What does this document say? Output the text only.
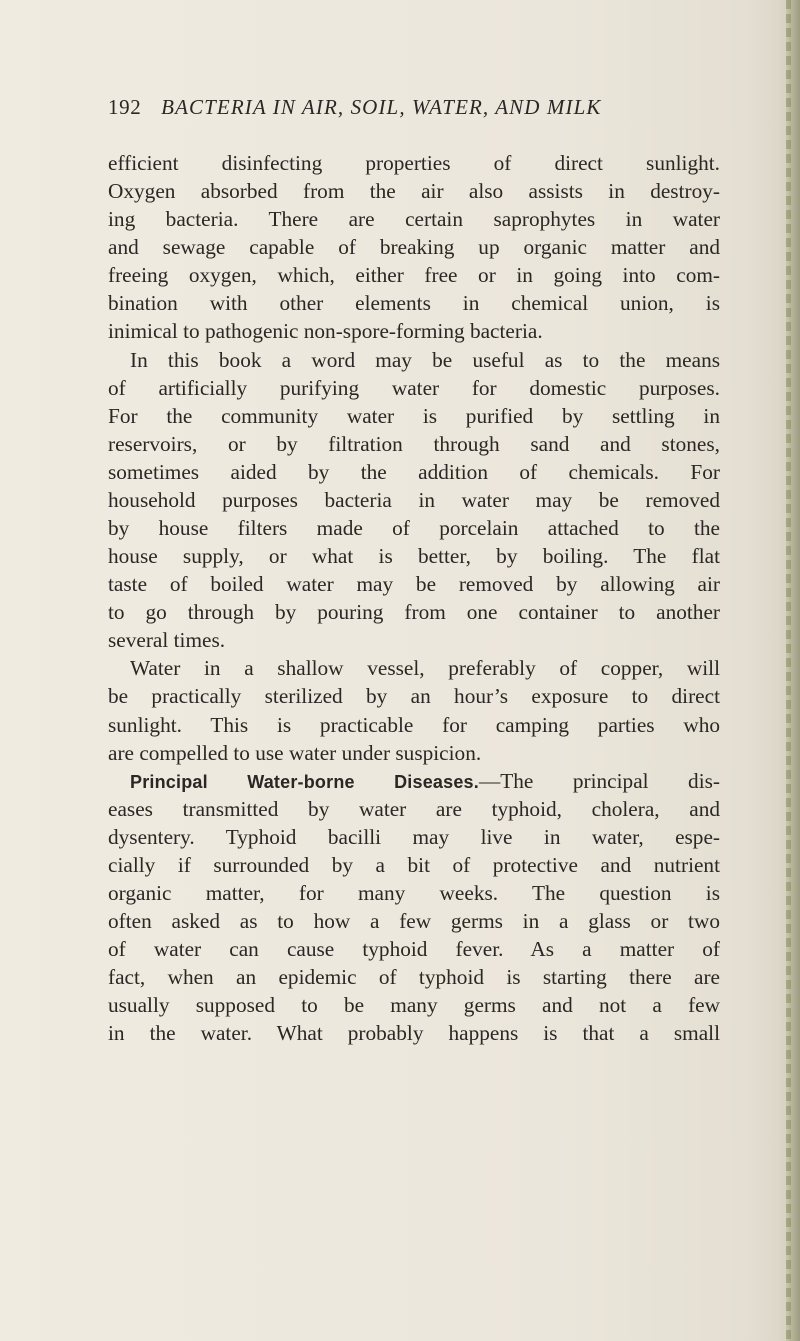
192 BACTERIA IN AIR, SOIL, WATER, AND MILK
efficient disinfecting properties of direct sunlight.
Oxygen absorbed from the air also assists in destroy-
ing bacteria. There are certain saprophytes in water
and sewage capable of breaking up organic matter and
freeing oxygen, which, either free or in going into com-
bination with other elements in chemical union, is
inimical to pathogenic non-spore-forming bacteria.
In this book a word may be useful as to the means
of artificially purifying water for domestic purposes.
For the community water is purified by settling in
reservoirs, or by filtration through sand and stones,
sometimes aided by the addition of chemicals. For
household purposes bacteria in water may be removed
by house filters made of porcelain attached to the
house supply, or what is better, by boiling. The flat
taste of boiled water may be removed by allowing air
to go through by pouring from one container to another
several times.
Water in a shallow vessel, preferably of copper, will
be practically sterilized by an hour’s exposure to direct
sunlight. This is practicable for camping parties who
are compelled to use water under suspicion.
Principal Water-borne Diseases.—The principal dis-
eases transmitted by water are typhoid, cholera, and
dysentery. Typhoid bacilli may live in water, espe-
cially if surrounded by a bit of protective and nutrient
organic matter, for many weeks. The question is
often asked as to how a few germs in a glass or two
of water can cause typhoid fever. As a matter of
fact, when an epidemic of typhoid is starting there are
usually supposed to be many germs and not a few
in the water. What probably happens is that a small
